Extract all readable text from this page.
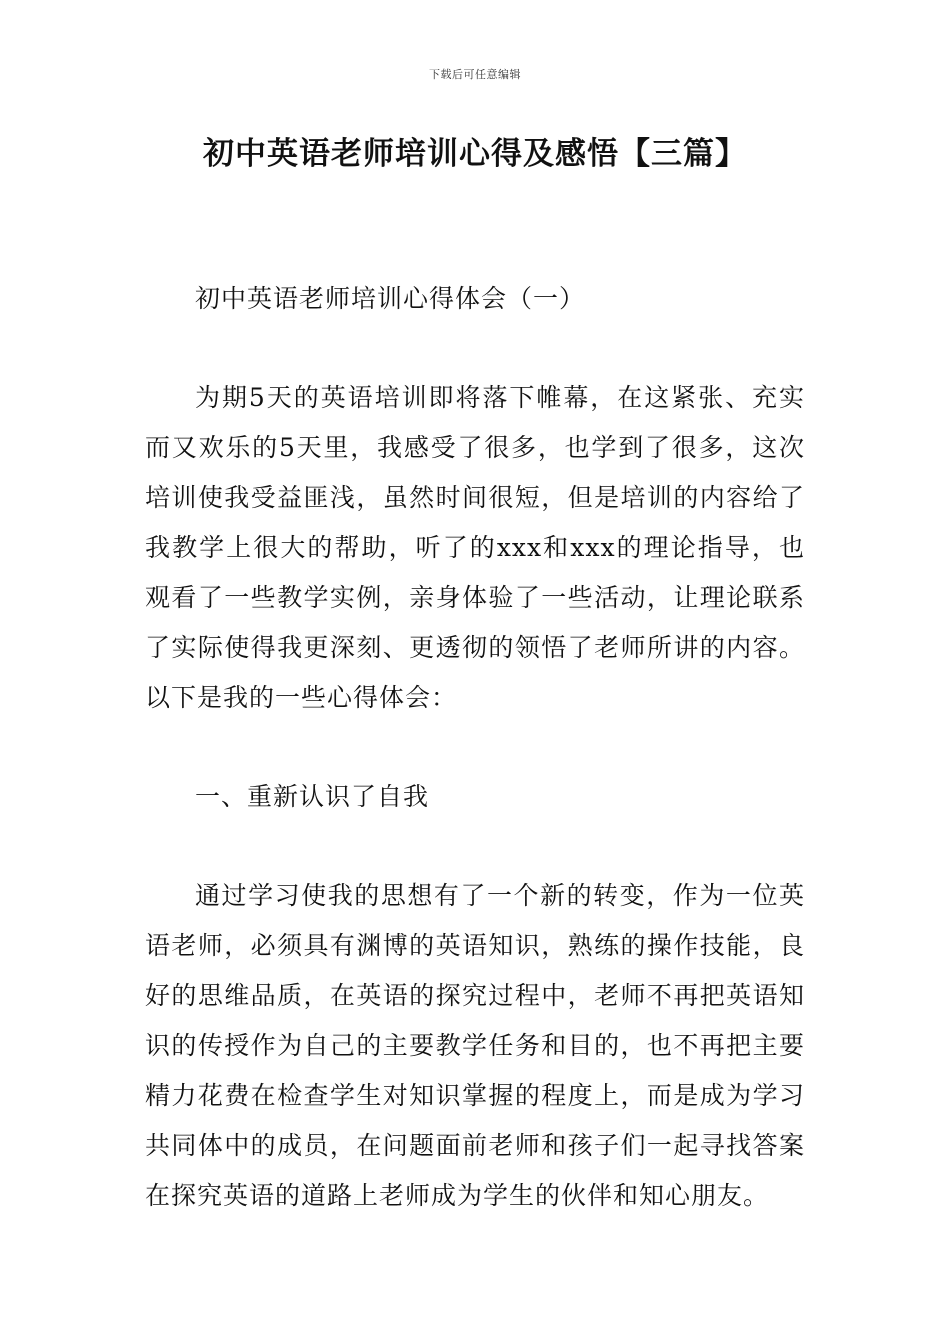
下载后可任意编辑
初中英语老师培训心得及感悟【三篇】
初中英语老师培训心得体会（一）
为期5天的英语培训即将落下帷幕，在这紧张、充实而又欢乐的5天里，我感受了很多，也学到了很多，这次培训使我受益匪浅，虽然时间很短，但是培训的内容给了我教学上很大的帮助，听了的xxx和xxx的理论指导，也观看了一些教学实例，亲身体验了一些活动，让理论联系了实际使得我更深刻、更透彻的领悟了老师所讲的内容。以下是我的一些心得体会：
一、重新认识了自我
通过学习使我的思想有了一个新的转变，作为一位英语老师，必须具有渊博的英语知识，熟练的操作技能，良好的思维品质，在英语的探究过程中，老师不再把英语知识的传授作为自己的主要教学任务和目的，也不再把主要精力花费在检查学生对知识掌握的程度上，而是成为学习共同体中的成员，在问题面前老师和孩子们一起寻找答案在探究英语的道路上老师成为学生的伙伴和知心朋友。
